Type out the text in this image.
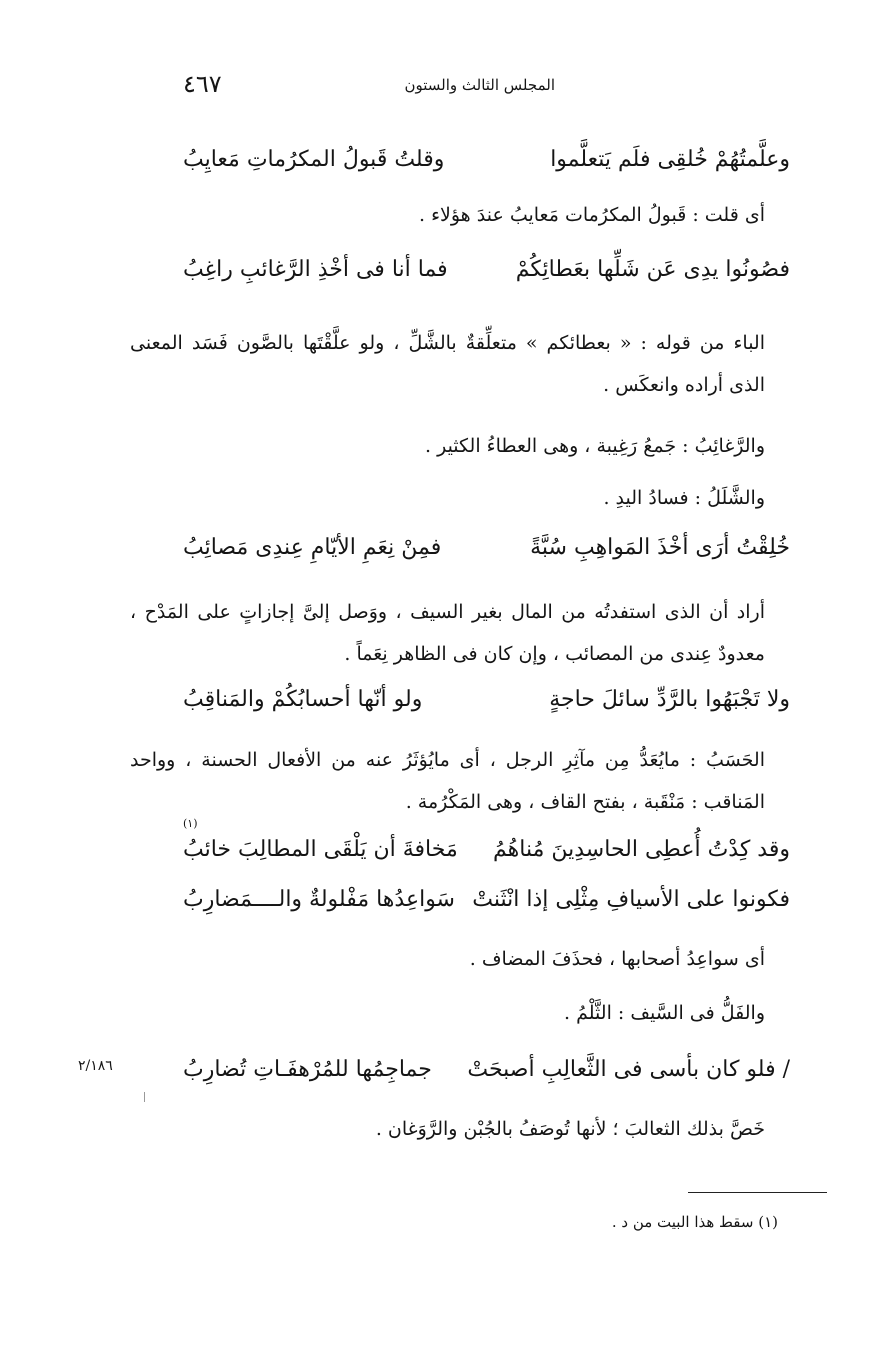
٤٦٧	المجلس الثالث والستون
وعلَّمتُهُمْ خُلقِى فلَم يَتعلَّموا
وقلتُ قَبولُ المكرُماتِ مَعايِبُ
أى قلت : قَبولُ المكرُمات مَعايبُ عندَ هؤلاء .
فصُونُوا يدِى عَن شَلِّها بعَطائِكُمْ
فما أنا فى أخْذِ الرَّغائبِ راغِبُ
الباء من قوله : « بعطائكم » متعلِّقةٌ بالشَّلِّ ، ولو علَّقْتَها بالصَّون فَسَد المعنى الذى أراده وانعكَس .
والرَّغائِبُ : جَمعُ رَغِيبة ، وهى العطاءُ الكثير .
والشَّلَلُ : فسادُ اليدِ .
خُلِقْتُ أرَى أخْذَ المَواهِبِ سُبَّةً
فمِنْ نِعَمِ الأيّامِ عِندِى مَصائِبُ
أراد أن الذى استفدتُه من المال بغير السيف ، ووَصل إلىَّ إجازاتٍ على المَدْح ، معدودٌ عِندى من المصائب ، وإن كان فى الظاهر نِعَماً .
ولا تَجْبَهُوا بالرَّدِّ سائلَ حاجةٍ
ولو أنّها أحسابُكُمْ والمَناقِبُ
الحَسَبُ : مايُعَدُّ مِن مآثِرِ الرجل ، أى مايُؤثَرُ عنه من الأفعال الحسنة ، وواحد المَناقب : مَنْقَبة ، بفتح القاف ، وهى المَكْرُمة .
وقد كِدْتُ أُعطِى الحاسِدِينَ مُناهُمُ
مَخافةَ أن يَلْقَى المطالِبَ خائبُ
(١)
فكونوا على الأسيافِ مِثْلِى إذا انْثَنتْ
سَواعِدُها مَفْلولةٌ والــــمَضارِبُ
أى سواعِدُ أصحابها ، فحذَفَ المضاف .
والفَلُّ فى السَّيف : الثَّلْمُ .
/ فلو كان بأسى فى الثَّعالِبِ أصبحَتْ
جماجِمُها للمُرْهفَـاتِ تُضارِبُ
٢/١٨٦
خَصَّ بذلك الثعالبَ ؛ لأنها تُوصَفُ بالجُبْن والرَّوَغان .
(١) سقط هذا البيت من د .
